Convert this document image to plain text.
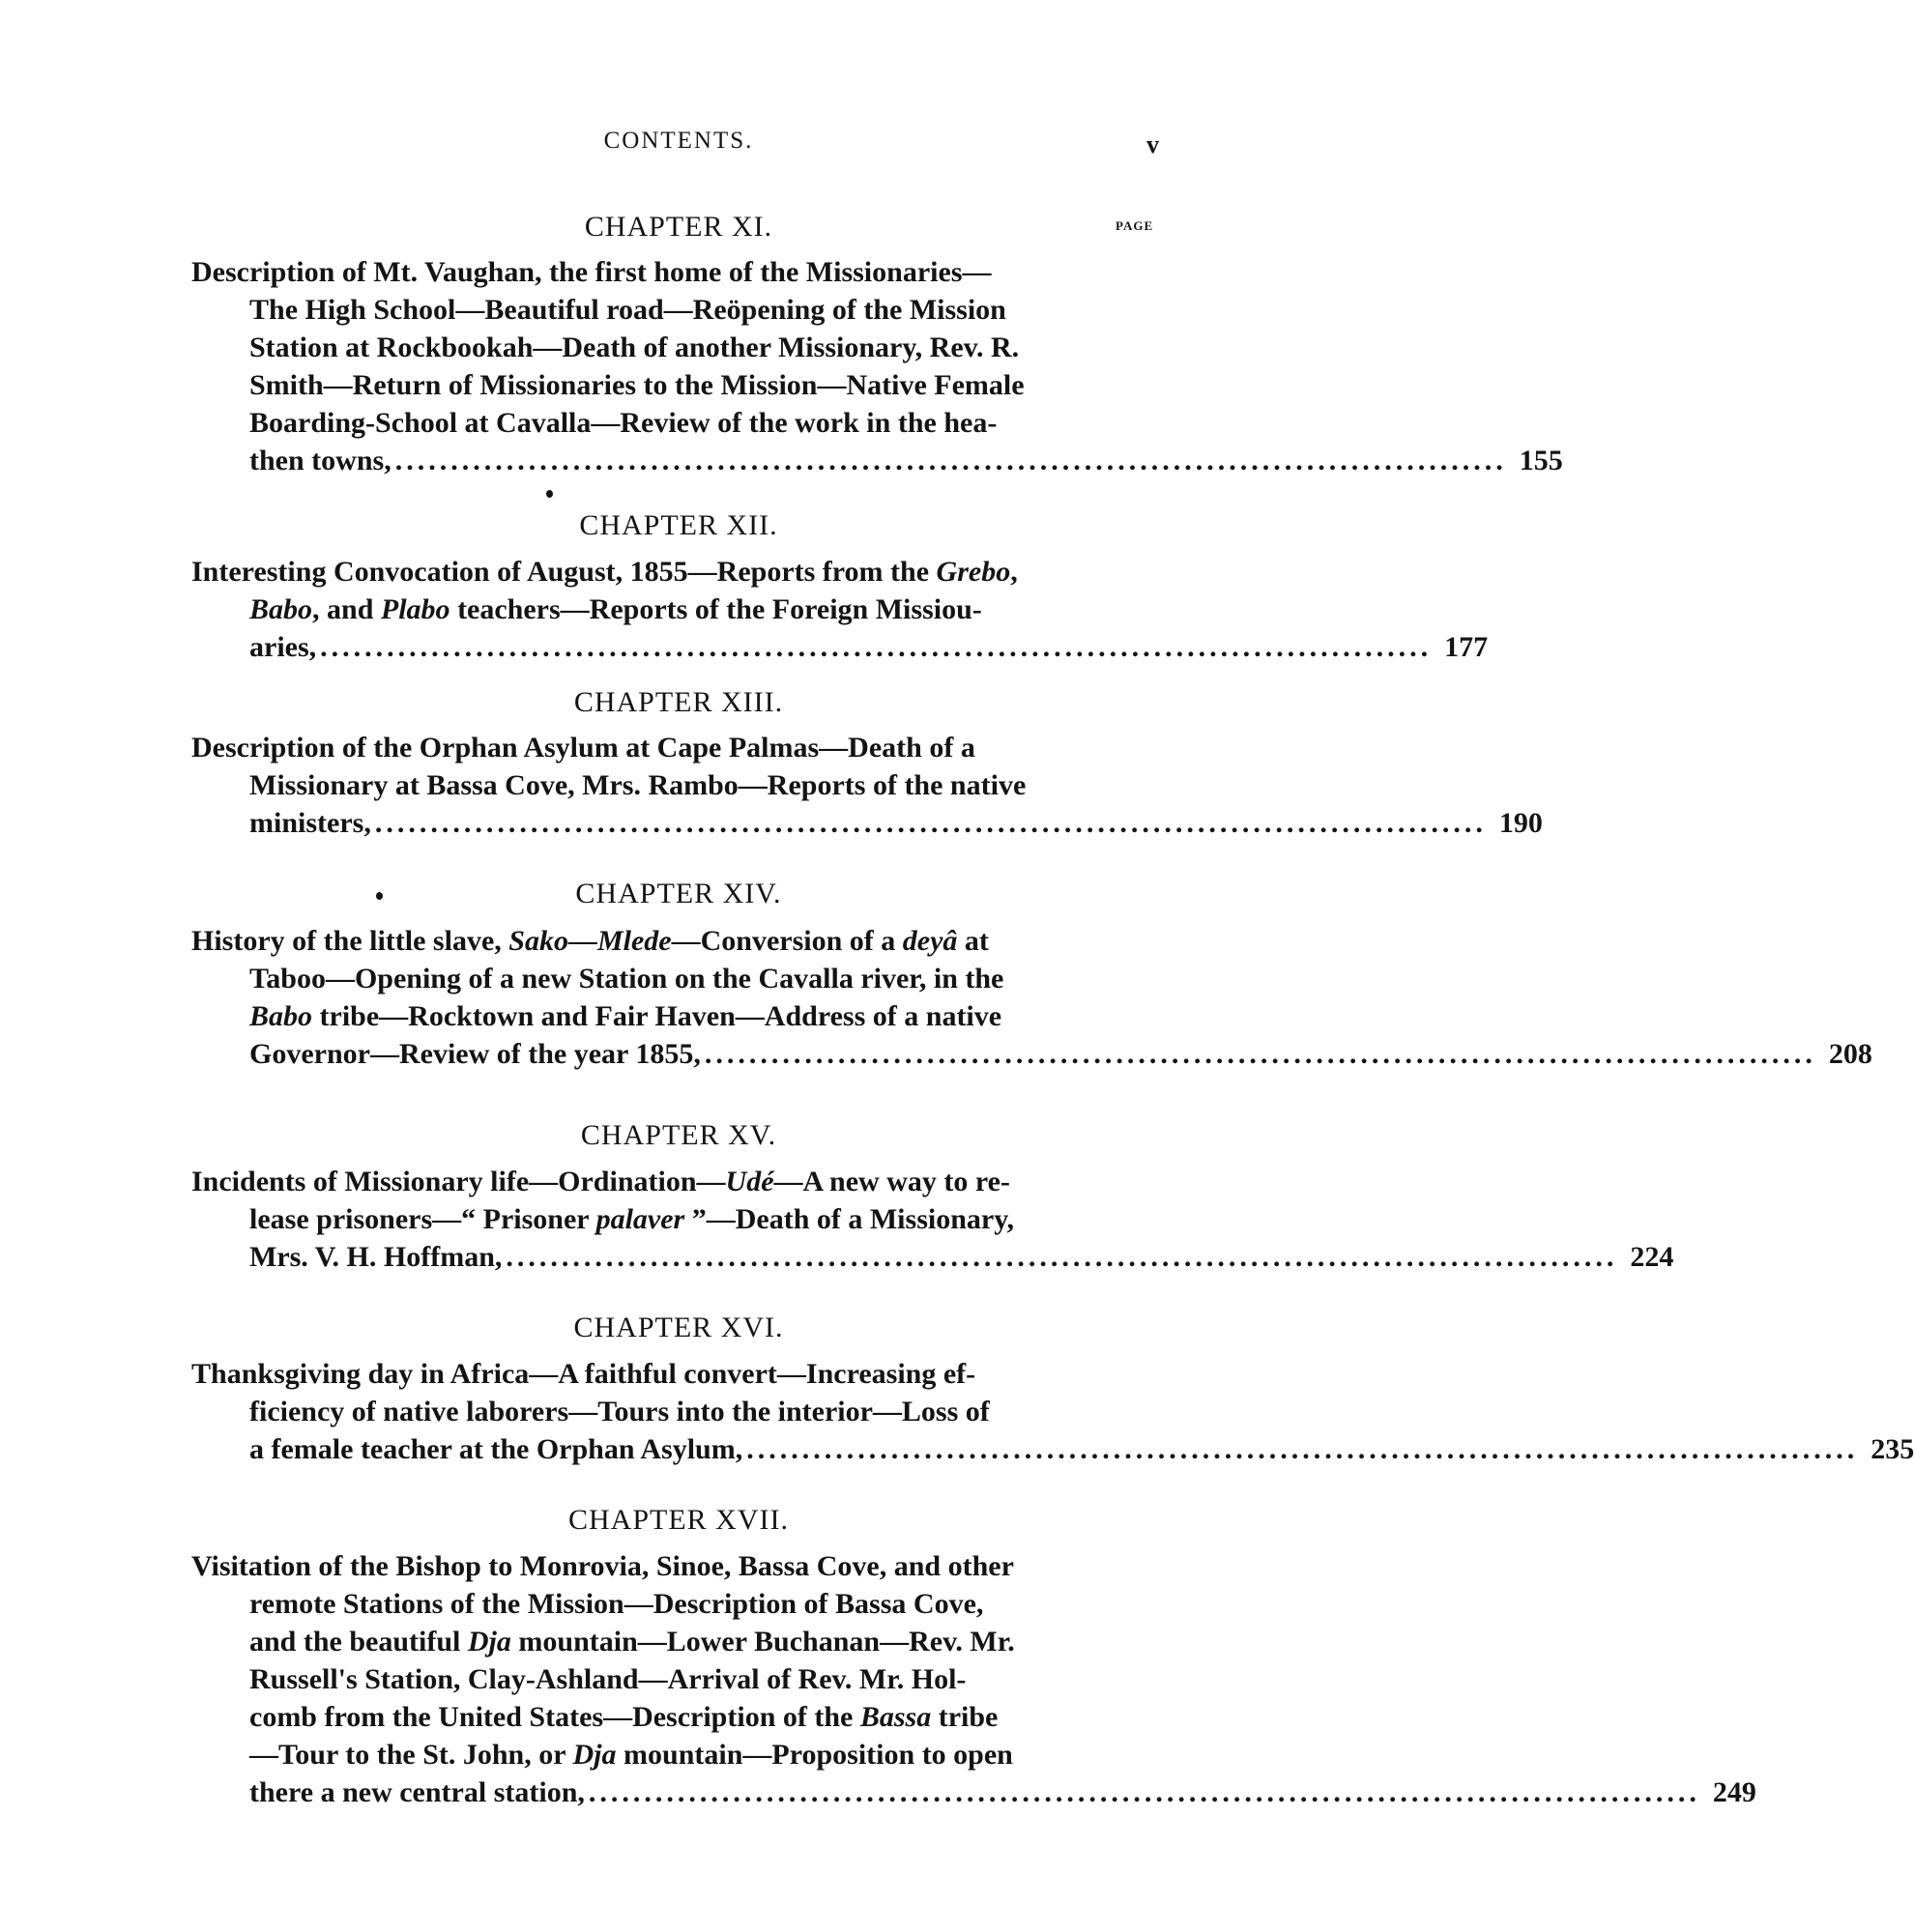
CONTENTS.	v
PAGE
CHAPTER XI.
Description of Mt. Vaughan, the first home of the Missionaries—
The High School—Beautiful road—Reöpening of the Mission
Station at Rockbookah—Death of another Missionary, Rev. R.
Smith—Return of Missionaries to the Mission—Native Female
Boarding-School at Cavalla—Review of the work in the hea-
then towns, .................................................................................................... 155
CHAPTER XII.
Interesting Convocation of August, 1855—Reports from the Grebo,
Babo, and Plabo teachers—Reports of the Foreign Missiou-
aries, .................................................................................................... 177
CHAPTER XIII.
Description of the Orphan Asylum at Cape Palmas—Death of a
Missionary at Bassa Cove, Mrs. Rambo—Reports of the native
ministers, .................................................................................................... 190
CHAPTER XIV.
History of the little slave, Sako—Mlede—Conversion of a deyâ at
Taboo—Opening of a new Station on the Cavalla river, in the
Babo tribe—Rocktown and Fair Haven—Address of a native
Governor—Review of the year 1855, .................................................................................................... 208
CHAPTER XV.
Incidents of Missionary life—Ordination—Udé—A new way to re-
lease prisoners—“ Prisoner palaver ”—Death of a Missionary,
Mrs. V. H. Hoffman, .................................................................................................... 224
CHAPTER XVI.
Thanksgiving day in Africa—A faithful convert—Increasing ef-
ficiency of native laborers—Tours into the interior—Loss of
a female teacher at the Orphan Asylum, .................................................................................................... 235
CHAPTER XVII.
Visitation of the Bishop to Monrovia, Sinoe, Bassa Cove, and other
remote Stations of the Mission—Description of Bassa Cove,
and the beautiful Dja mountain—Lower Buchanan—Rev. Mr.
Russell's Station, Clay-Ashland—Arrival of Rev. Mr. Hol-
comb from the United States—Description of the Bassa tribe
—Tour to the St. John, or Dja mountain—Proposition to open
there a new central station, .................................................................................................... 249
